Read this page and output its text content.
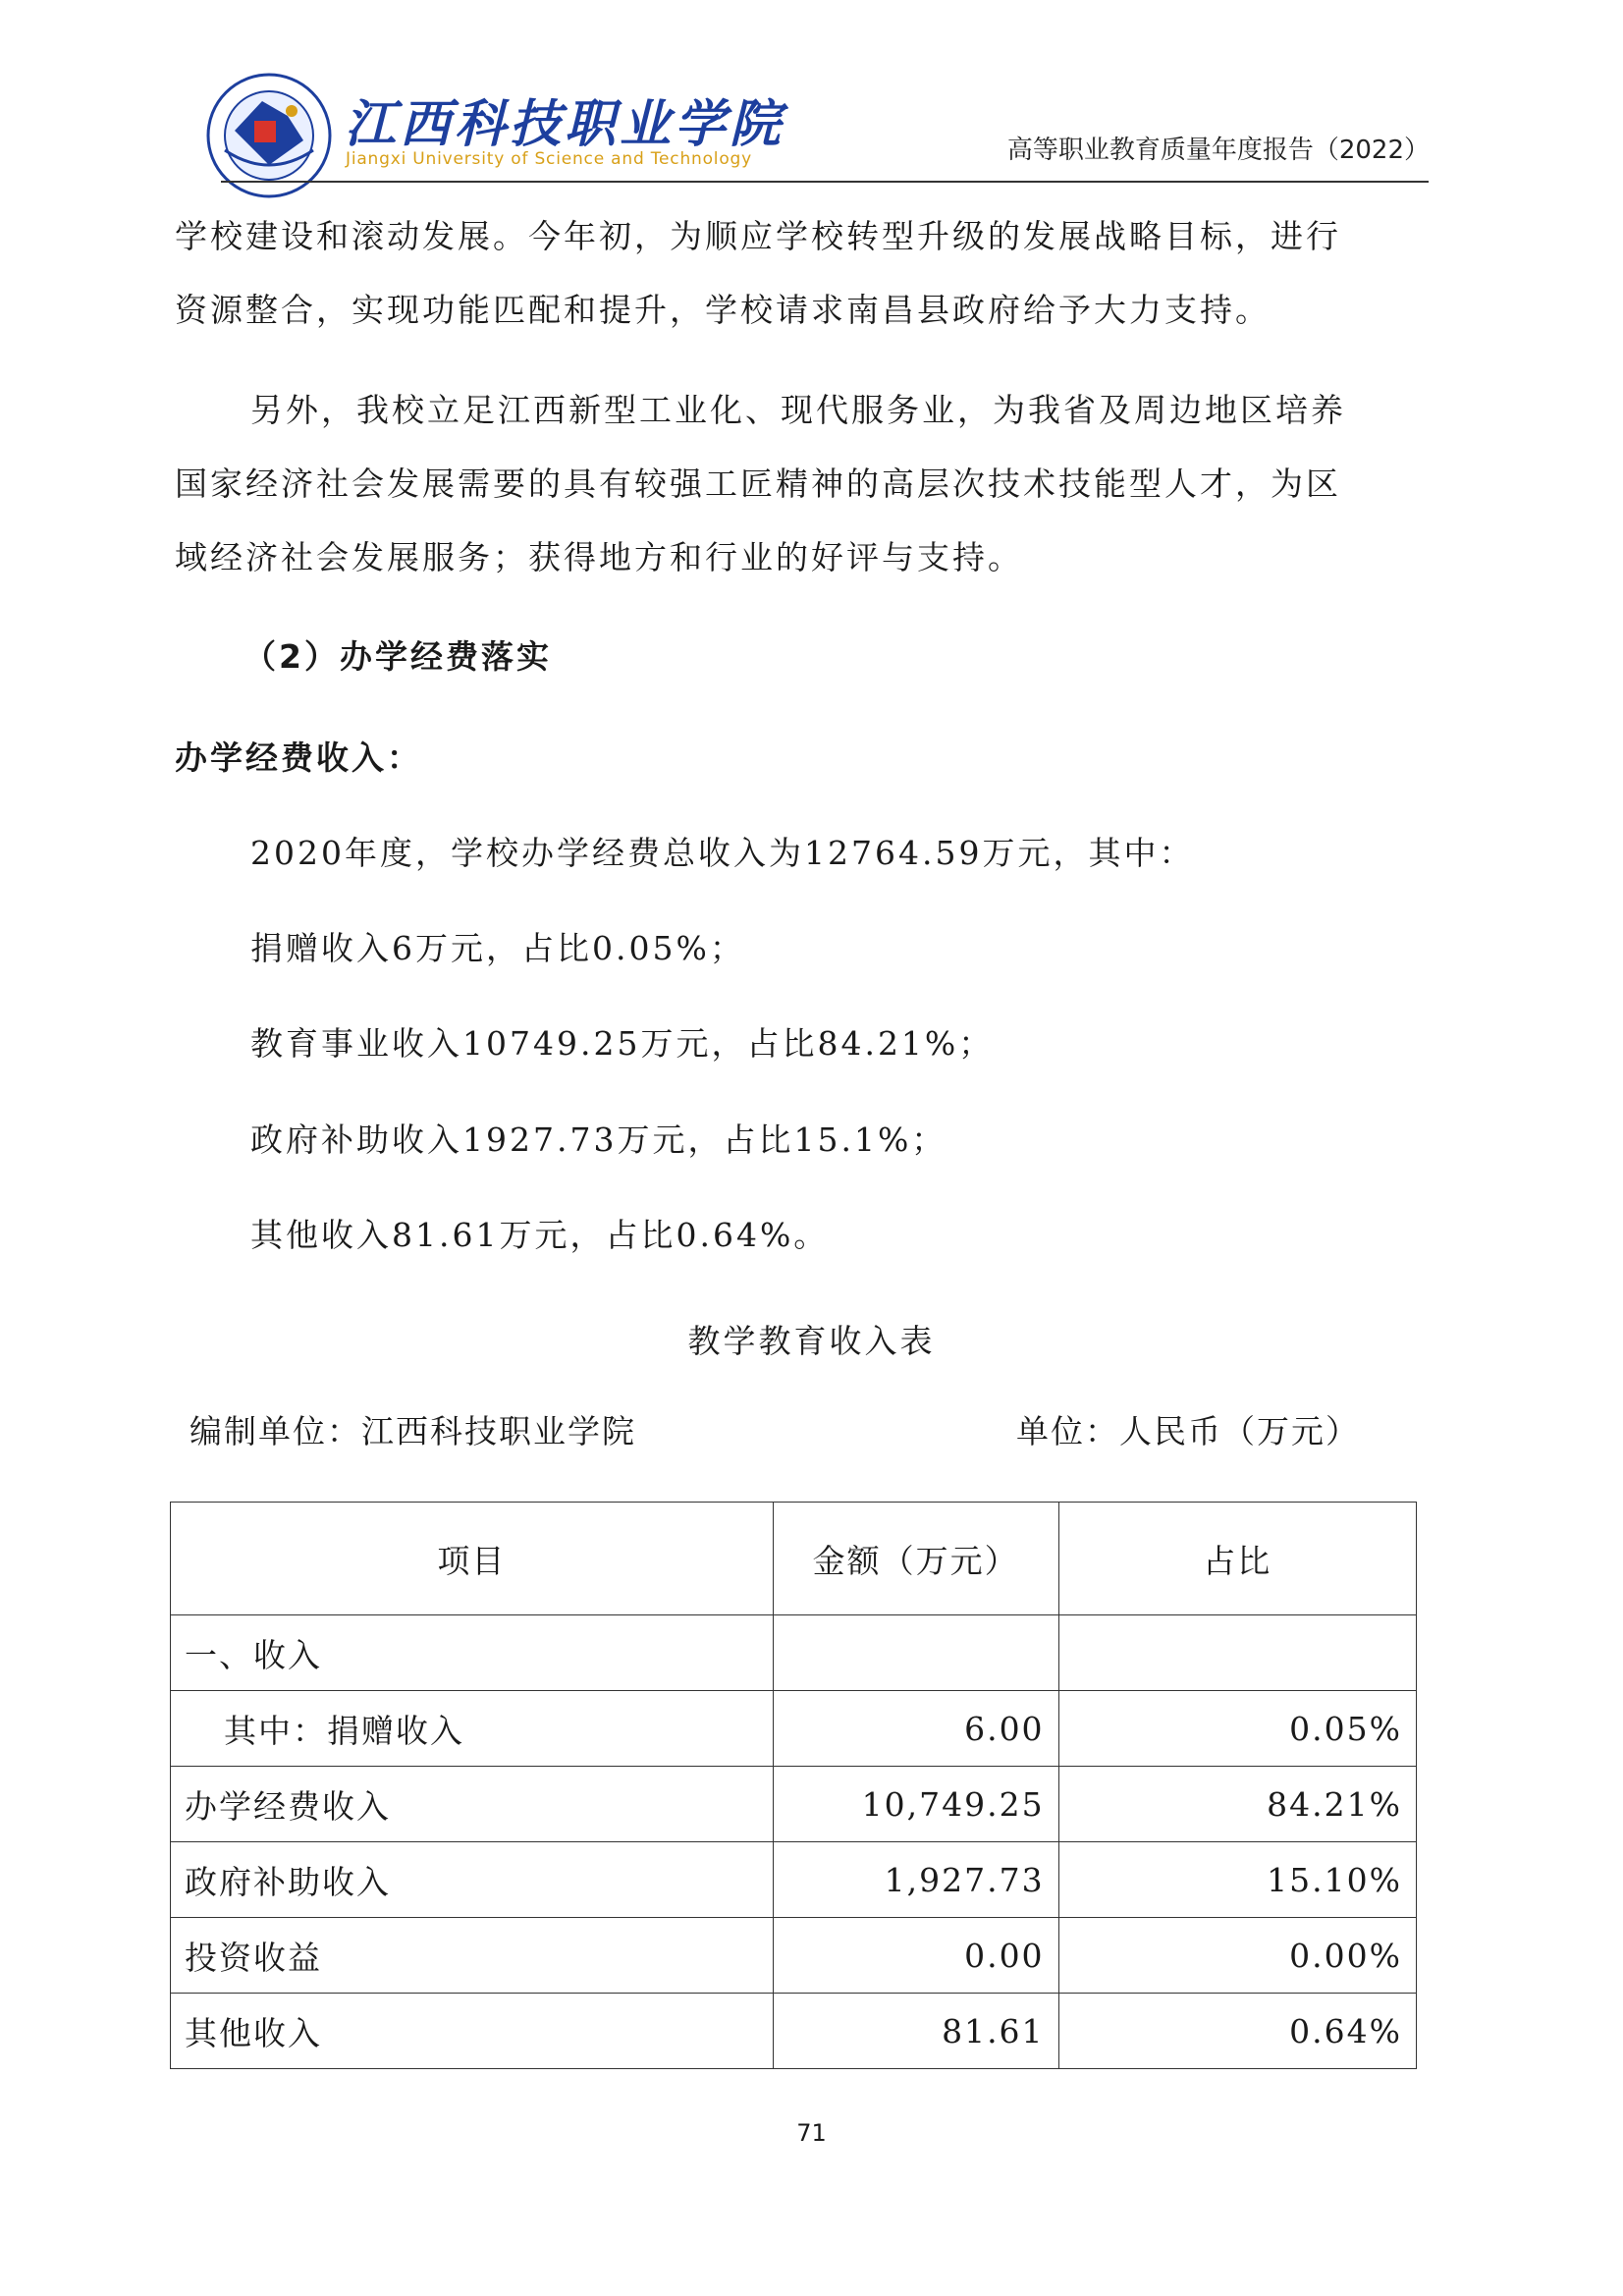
江西科技职业学院
Jiangxi University of Science and Technology	高等职业教育质量年度报告（2022）
学校建设和滚动发展。今年初，为顺应学校转型升级的发展战略目标，进行
资源整合，实现功能匹配和提升，学校请求南昌县政府给予大力支持。
另外，我校立足江西新型工业化、现代服务业，为我省及周边地区培养
国家经济社会发展需要的具有较强工匠精神的高层次技术技能型人才，为区
域经济社会发展服务；获得地方和行业的好评与支持。
（2）办学经费落实
办学经费收入：
2020年度，学校办学经费总收入为12764.59万元，其中：
捐赠收入6万元，占比0.05%；
教育事业收入10749.25万元，占比84.21%；
政府补助收入1927.73万元，占比15.1%；
其他收入81.61万元，占比0.64%。
教学教育收入表
编制单位：江西科技职业学院	单位：人民币（万元）
项目	金额（万元）	占比
一、收入		
其中：捐赠收入	6.00	0.05%
办学经费收入	10,749.25	84.21%
政府补助收入	1,927.73	15.10%
投资收益	0.00	0.00%
其他收入	81.61	0.64%
71
